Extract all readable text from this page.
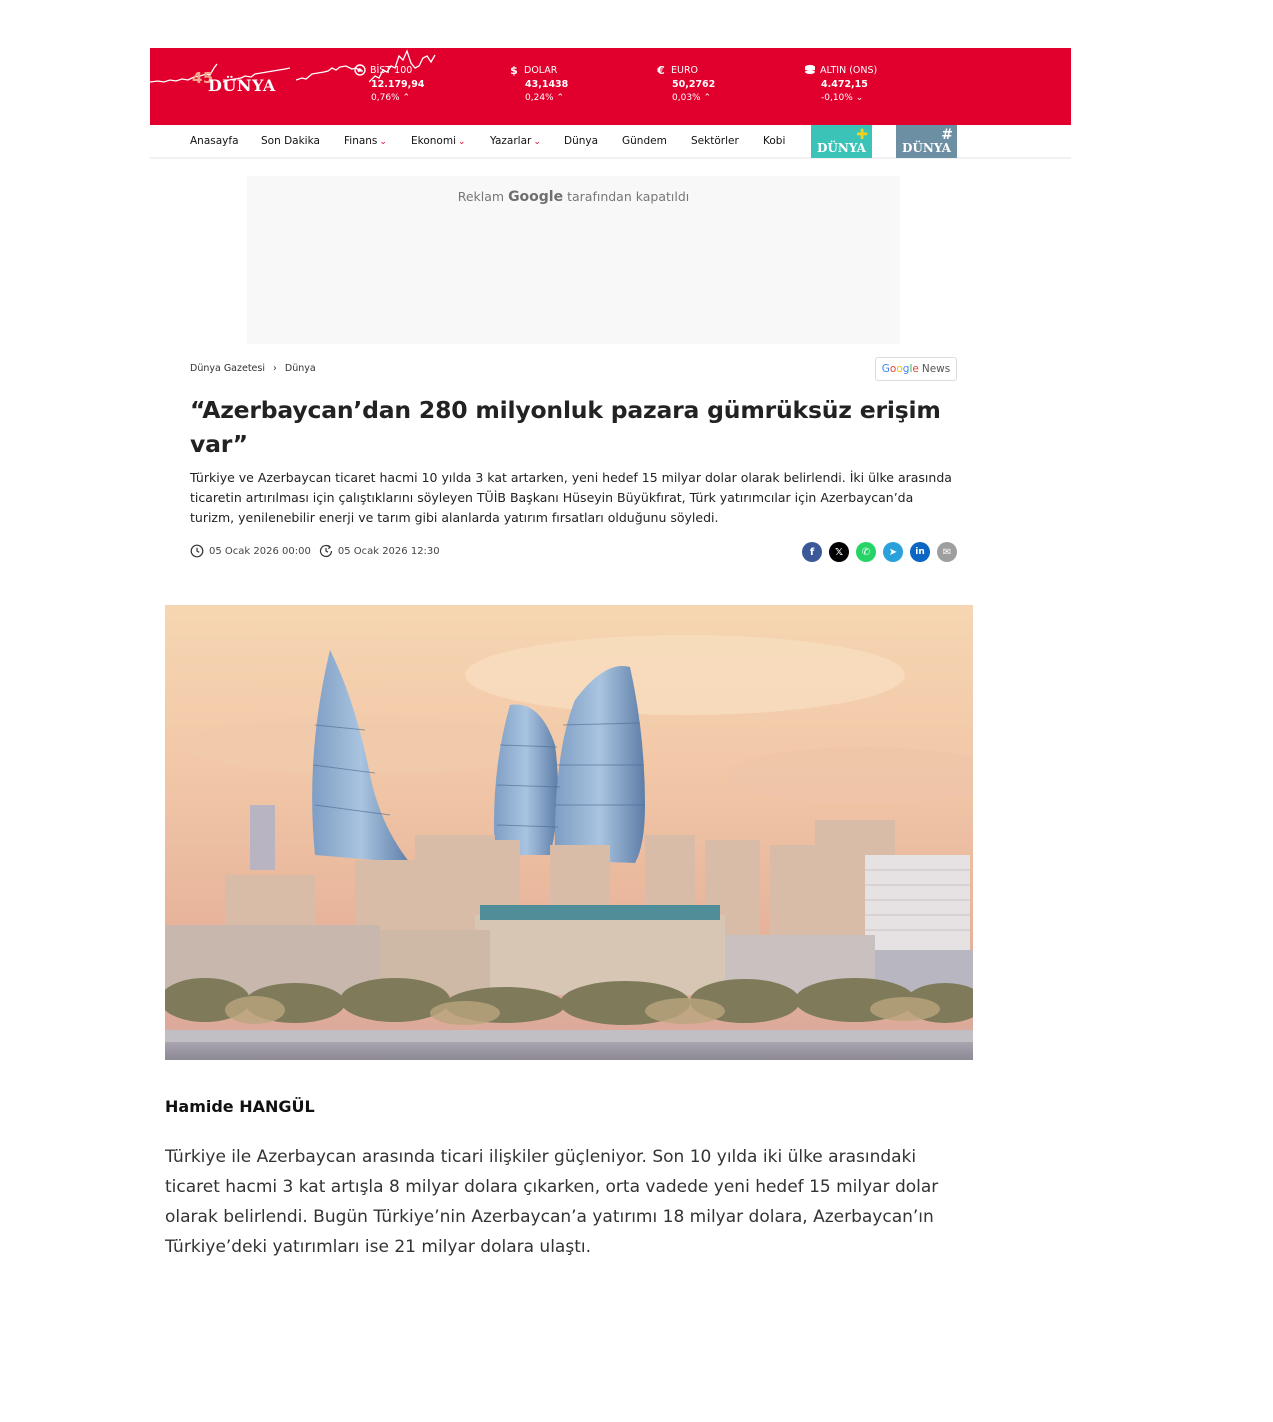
45
DÜNYA
BİST 100
12.179,94
0,76% ⌃

$ DOLAR
43,1438
0,24% ⌃

€ EURO
50,2762
0,03% ⌃

ALTIN (ONS)
4.472,15
-0,10% ⌄
Anasayfa Son Dakika Finans ⌄ Ekonomi ⌄ Yazarlar ⌄ Dünya Gündem Sektörler Kobi	✚
DÜNYA
#
DÜNYA
Reklam Google tarafından kapatıldı
Dünya Gazetesi › Dünya	G o o g l e News
“Azerbaycan’dan 280 milyonluk pazara gümrüksüz erişim var”
Türkiye ve Azerbaycan ticaret hacmi 10 yılda 3 kat artarken, yeni hedef 15 milyar dolar olarak belirlendi. İki ülke arasında ticaretin artırılması için çalıştıklarını söyleyen TÜİB Başkanı Hüseyin Büyükfırat, Türk yatırımcılar için Azerbaycan’da turizm, yenilenebilir enerji ve tarım gibi alanlarda yatırım fırsatları olduğunu söyledi.
05 Ocak 2026 00:00	05 Ocak 2026 12:30	f	𝕏	✆	➤	in	✉
Hamide HANGÜL
Türkiye ile Azerbaycan arasında ticari ilişkiler güçleniyor. Son 10 yılda iki ülke arasındaki ticaret hacmi 3 kat artışla 8 milyar dolara çıkarken, orta vadede yeni hedef 15 milyar dolar olarak belirlendi. Bugün Türkiye’nin Azerbaycan’a yatırımı 18 milyar dolara, Azerbaycan’ın Türkiye’deki yatırımları ise 21 milyar dolara ulaştı.
